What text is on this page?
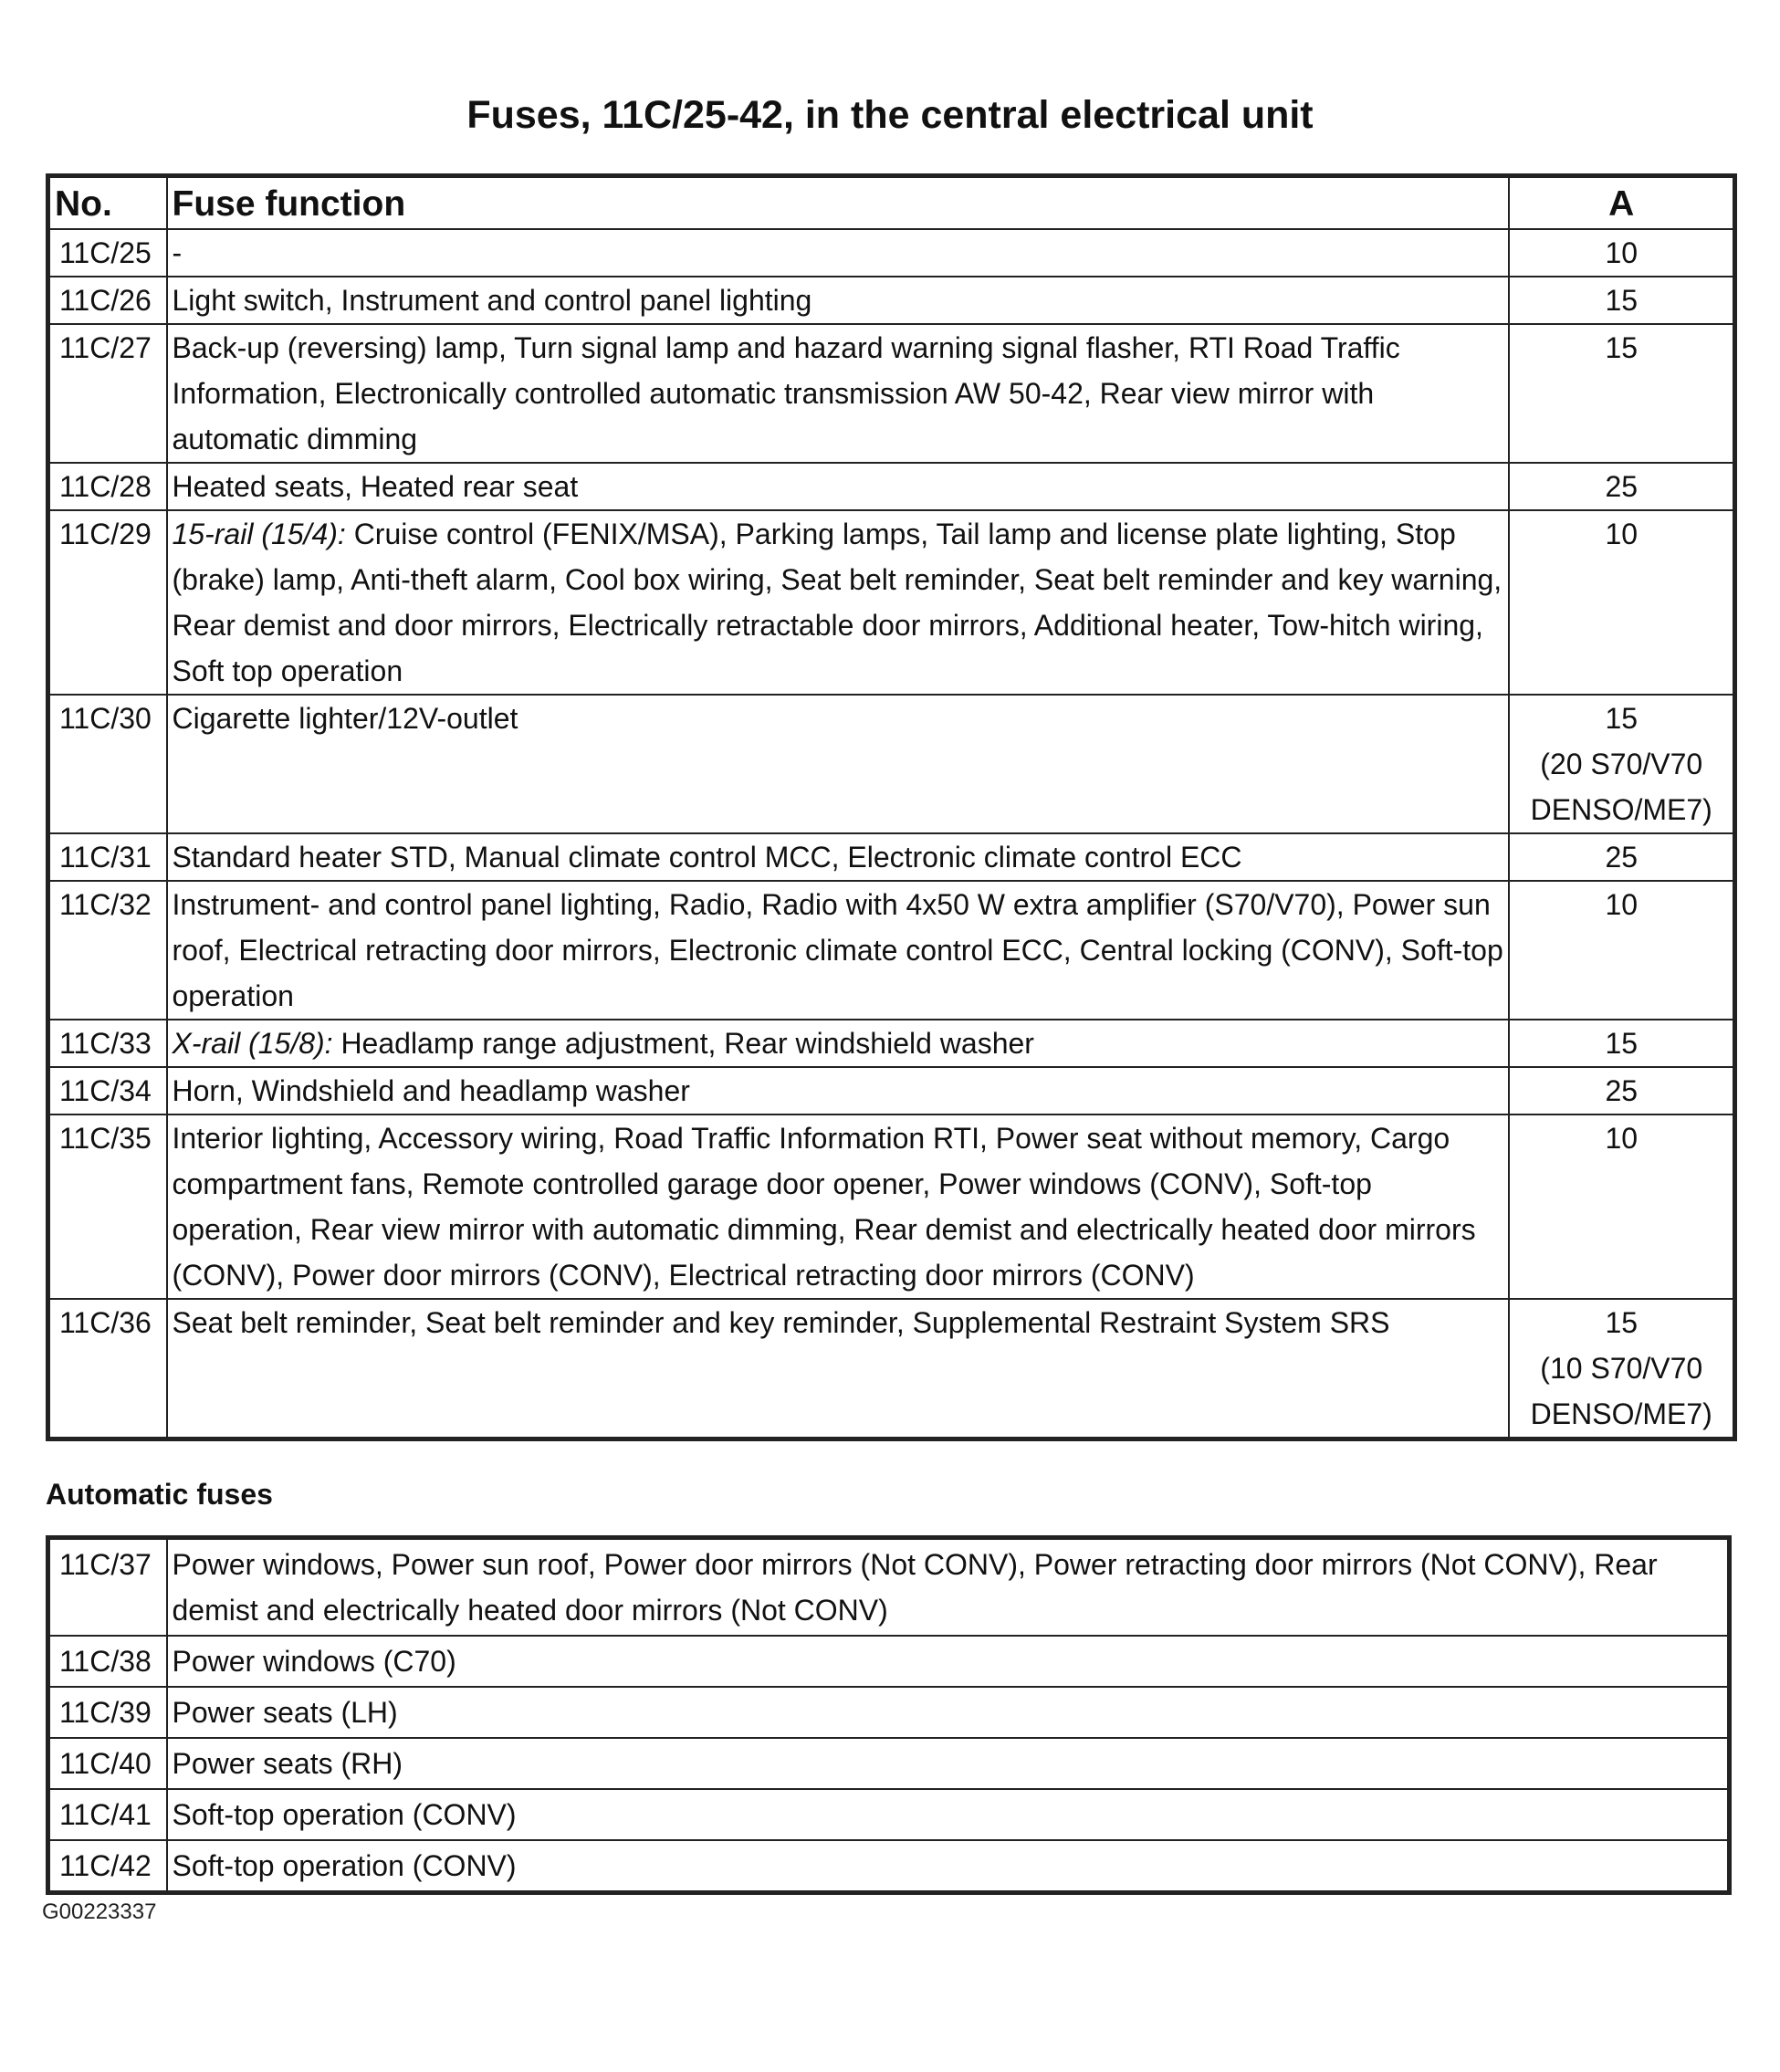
Fuses, 11C/25-42, in the central electrical unit
No.	Fuse function	A
11C/25	-	10

11C/26	Light switch, Instrument and control panel lighting	15

11C/27	Back-up (reversing) lamp, Turn signal lamp and hazard warning signal flasher, RTI Road Traffic Information, Electronically controlled automatic transmission AW 50-42, Rear view mirror with automatic dimming	15

11C/28	Heated seats, Heated rear seat	25

11C/29	15-rail (15/4): Cruise control (FENIX/MSA), Parking lamps, Tail lamp and license plate lighting, Stop (brake) lamp, Anti-theft alarm, Cool box wiring, Seat belt reminder, Seat belt reminder and key warning, Rear demist and door mirrors, Electrically retractable door mirrors, Additional heater, Tow-hitch wiring, Soft top operation	10

11C/30	Cigarette lighter/12V-outlet	15
(20 S70/V70
DENSO/ME7)

11C/31	Standard heater STD, Manual climate control MCC, Electronic climate control ECC	25

11C/32	Instrument- and control panel lighting, Radio, Radio with 4x50 W extra amplifier (S70/V70), Power sun roof, Electrical retracting door mirrors, Electronic climate control ECC, Central locking (CONV), Soft-top operation	10

11C/33	X-rail (15/8): Headlamp range adjustment, Rear windshield washer	15

11C/34	Horn, Windshield and headlamp washer	25

11C/35	Interior lighting, Accessory wiring, Road Traffic Information RTI, Power seat without memory, Cargo compartment fans, Remote controlled garage door opener, Power windows (CONV), Soft-top operation, Rear view mirror with automatic dimming, Rear demist and electrically heated door mirrors (CONV), Power door mirrors (CONV), Electrical retracting door mirrors (CONV)	10

11C/36	Seat belt reminder, Seat belt reminder and key reminder, Supplemental Restraint System SRS	15
(10 S70/V70
DENSO/ME7)
Automatic fuses
11C/37	Power windows, Power sun roof, Power door mirrors (Not CONV), Power retracting door mirrors (Not CONV), Rear demist and electrically heated door mirrors (Not CONV)
11C/38	Power windows (C70)
11C/39	Power seats (LH)
11C/40	Power seats (RH)
11C/41	Soft-top operation (CONV)
11C/42	Soft-top operation (CONV)
G00223337
